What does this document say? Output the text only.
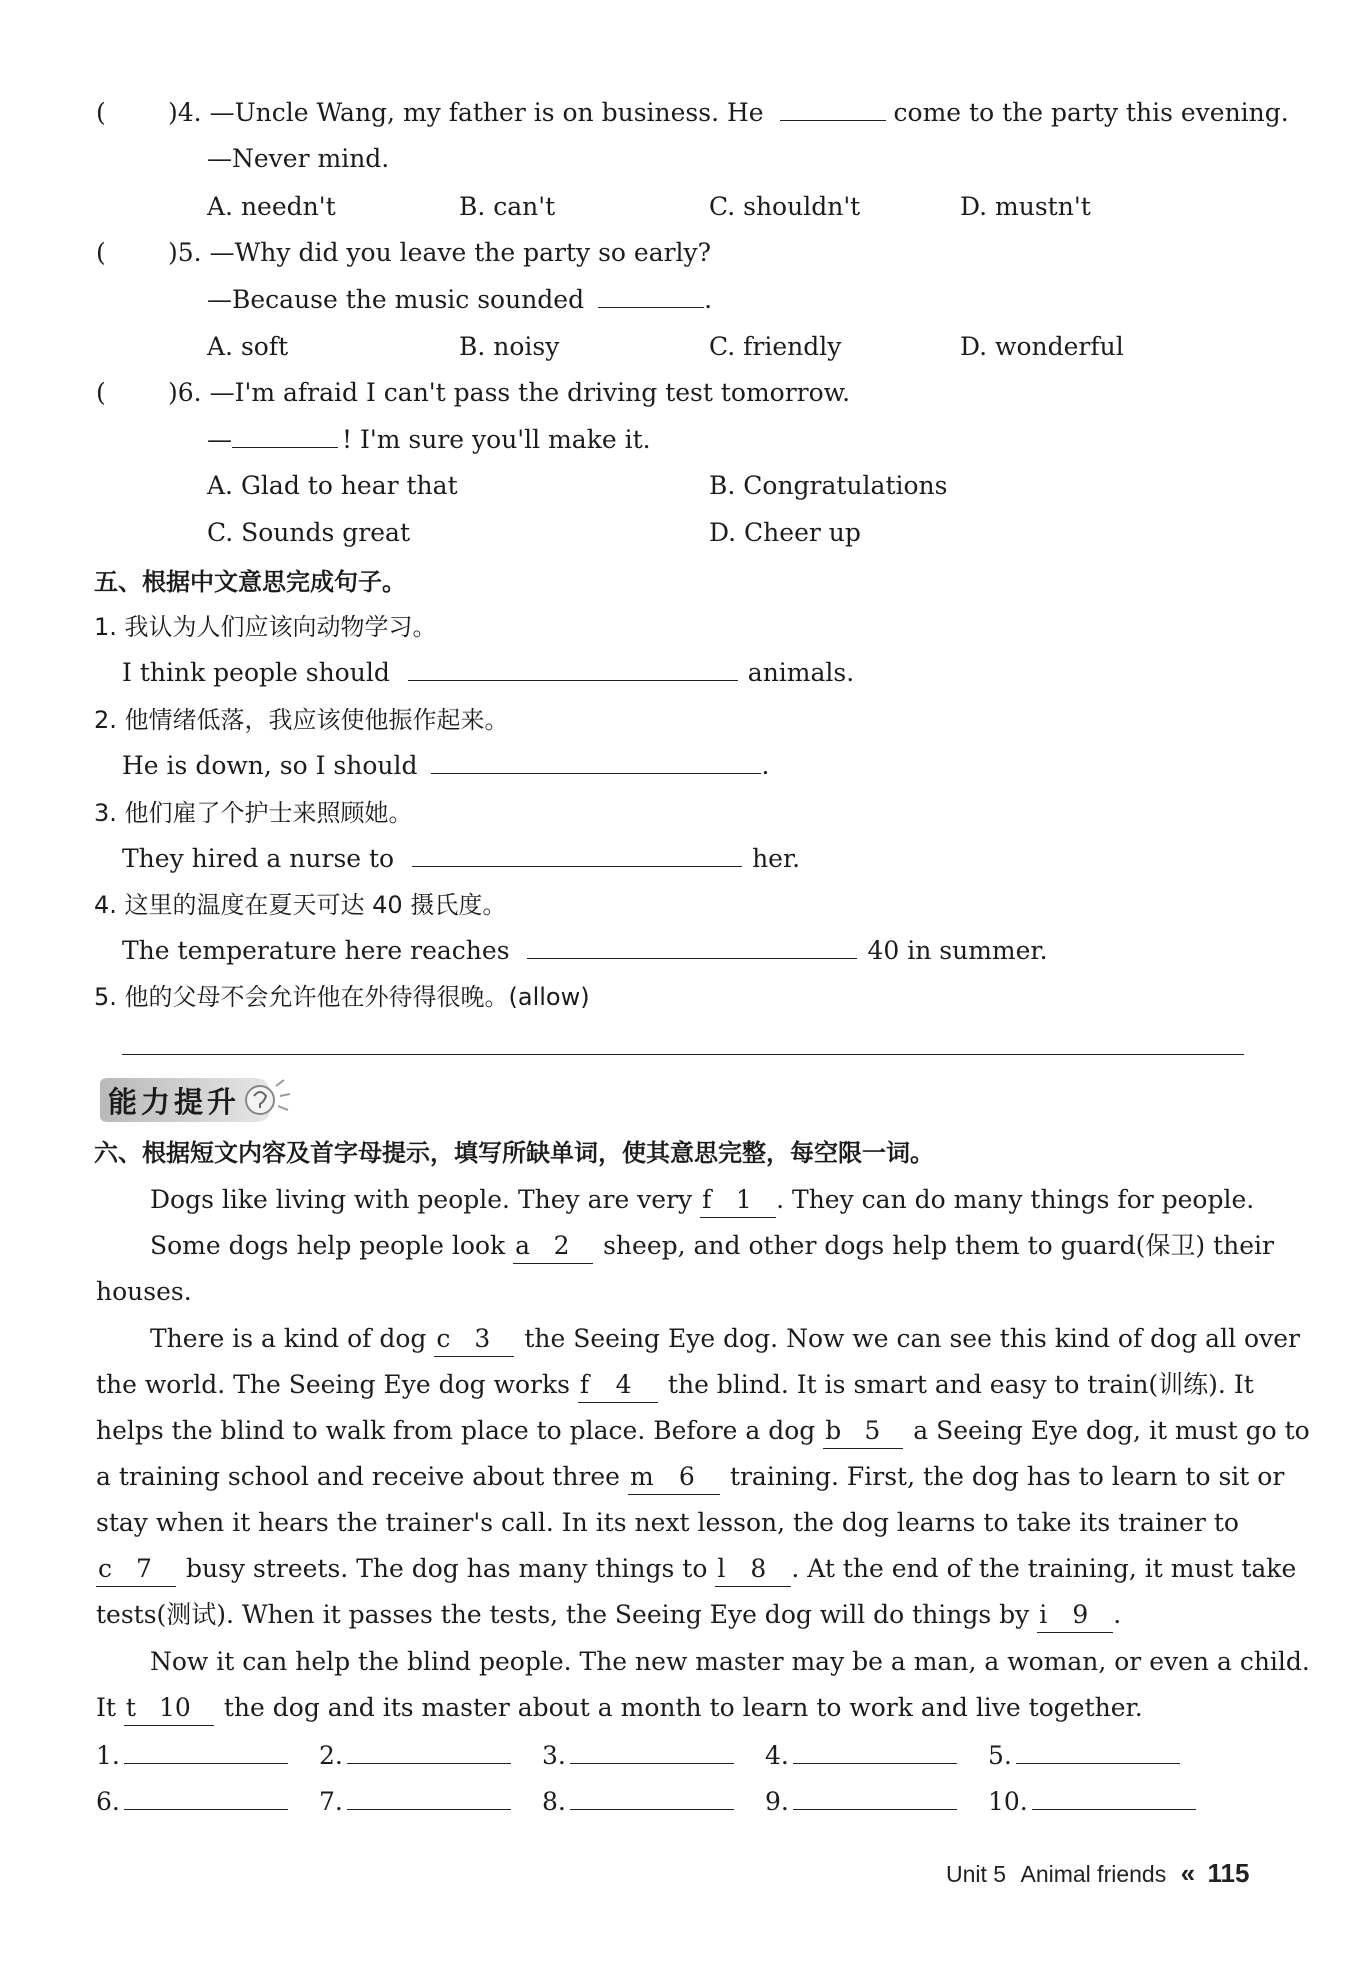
( )4. —Uncle Wang, my father is on business. He	come to the party this evening.
—Never mind.
A. needn't	B. can't	C. shouldn't	D. mustn't
( )5. —Why did you leave the party so early?
—Because the music sounded	.
A. soft	B. noisy	C. friendly	D. wonderful
( )6. —I'm afraid I can't pass the driving test tomorrow.
—	! I'm sure you'll make it.
A. Glad to hear that	B. Congratulations
C. Sounds great	D. Cheer up
五、根据中文意思完成句子。
1. 我认为人们应该向动物学习。
I think people should	animals.
2. 他情绪低落，我应该使他振作起来。
He is down, so I should	.
3. 他们雇了个护士来照顾她。
They hired a nurse to	her.
4. 这里的温度在夏天可达 40 摄氏度。
The temperature here reaches	40 in summer.
5. 他的父母不会允许他在外待得很晚。(allow)
能力提升
六、根据短文内容及首字母提示，填写所缺单词，使其意思完整，每空限一词。
Dogs like living with people. They are very f 1 . They can do many things for people.
Some dogs help people look a 2 sheep, and other dogs help them to guard(保卫) their
houses.
There is a kind of dog c 3 the Seeing Eye dog. Now we can see this kind of dog all over
the world. The Seeing Eye dog works f 4 the blind. It is smart and easy to train(训练). It
helps the blind to walk from place to place. Before a dog b 5 a Seeing Eye dog, it must go to
a training school and receive about three m 6 training. First, the dog has to learn to sit or
stay when it hears the trainer's call. In its next lesson, the dog learns to take its trainer to
c 7 busy streets. The dog has many things to l 8 . At the end of the training, it must take
tests(测试). When it passes the tests, the Seeing Eye dog will do things by i 9 .
Now it can help the blind people. The new master may be a man, a woman, or even a child.
It t 10 the dog and its master about a month to learn to work and live together.
1.	2.	3.	4.	5.
6.	7.	8.	9.	10.
Unit 5 Animal friends « 115
